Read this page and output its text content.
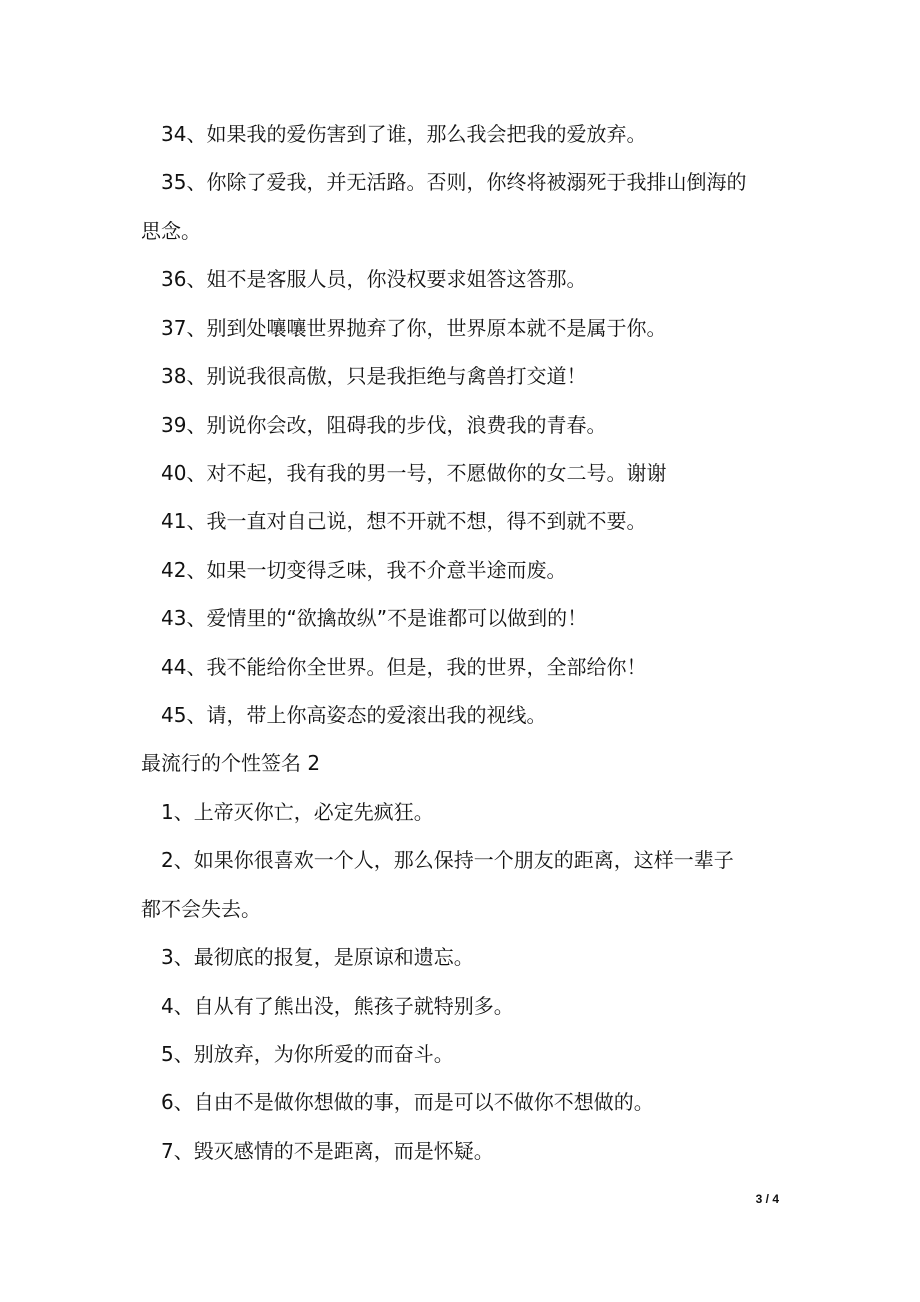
34、如果我的爱伤害到了谁，那么我会把我的爱放弃。
35、你除了爱我，并无活路。否则，你终将被溺死于我排山倒海的
思念。
36、姐不是客服人员，你没权要求姐答这答那。
37、别到处嚷嚷世界抛弃了你，世界原本就不是属于你。
38、别说我很高傲，只是我拒绝与禽兽打交道！
39、别说你会改，阻碍我的步伐，浪费我的青春。
40、对不起，我有我的男一号，不愿做你的女二号。谢谢
41、我一直对自己说，想不开就不想，得不到就不要。
42、如果一切变得乏味，我不介意半途而废。
43、爱情里的“欲擒故纵”不是谁都可以做到的！
44、我不能给你全世界。但是，我的世界，全部给你！
45、请，带上你高姿态的爱滚出我的视线。
最流行的个性签名 2
1、上帝灭你亡，必定先疯狂。
2、如果你很喜欢一个人，那么保持一个朋友的距离，这样一辈子
都不会失去。
3、最彻底的报复，是原谅和遗忘。
4、自从有了熊出没，熊孩子就特别多。
5、别放弃，为你所爱的而奋斗。
6、自由不是做你想做的事，而是可以不做你不想做的。
7、毁灭感情的不是距离，而是怀疑。
3 / 4
